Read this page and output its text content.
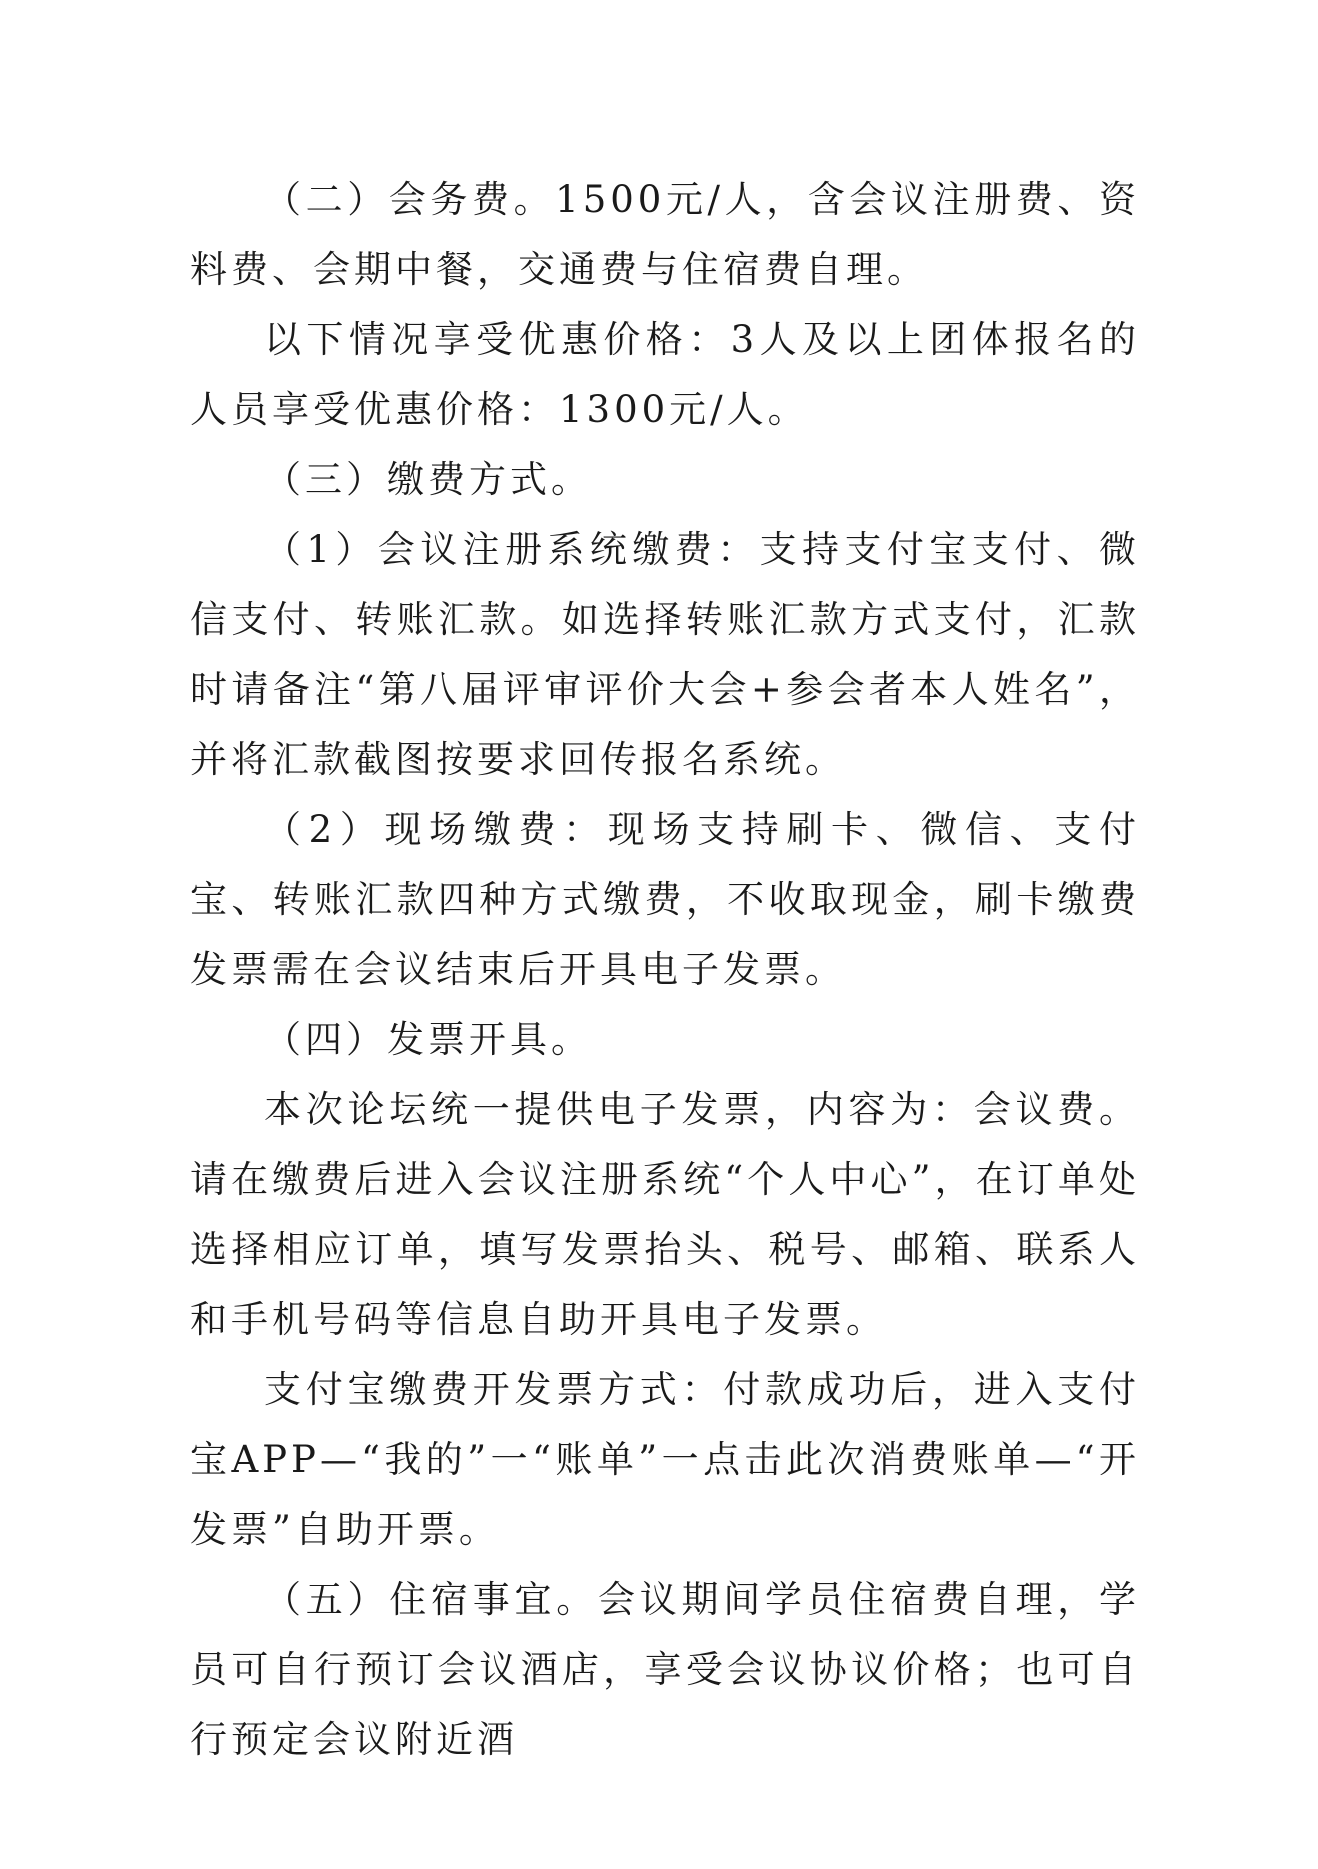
（二）会务费。1500元/人，含会议注册费、资料费、会期中餐，交通费与住宿费自理。

以下情况享受优惠价格：3人及以上团体报名的人员享受优惠价格：1300元/人。

（三）缴费方式。

（1）会议注册系统缴费：支持支付宝支付、微信支付、转账汇款。如选择转账汇款方式支付，汇款时请备注“第八届评审评价大会+参会者本人姓名”，并将汇款截图按要求回传报名系统。

（2）现场缴费：现场支持刷卡、微信、支付宝、转账汇款四种方式缴费，不收取现金，刷卡缴费发票需在会议结束后开具电子发票。

（四）发票开具。

本次论坛统一提供电子发票，内容为：会议费。请在缴费后进入会议注册系统“个人中心”，在订单处选择相应订单，填写发票抬头、税号、邮箱、联系人和手机号码等信息自助开具电子发票。

支付宝缴费开发票方式：付款成功后，进入支付宝APP—“我的”一“账单”一点击此次消费账单—“开发票”自助开票。

（五）住宿事宜。会议期间学员住宿费自理，学员可自行预订会议酒店，享受会议协议价格；也可自行预定会议附近酒
